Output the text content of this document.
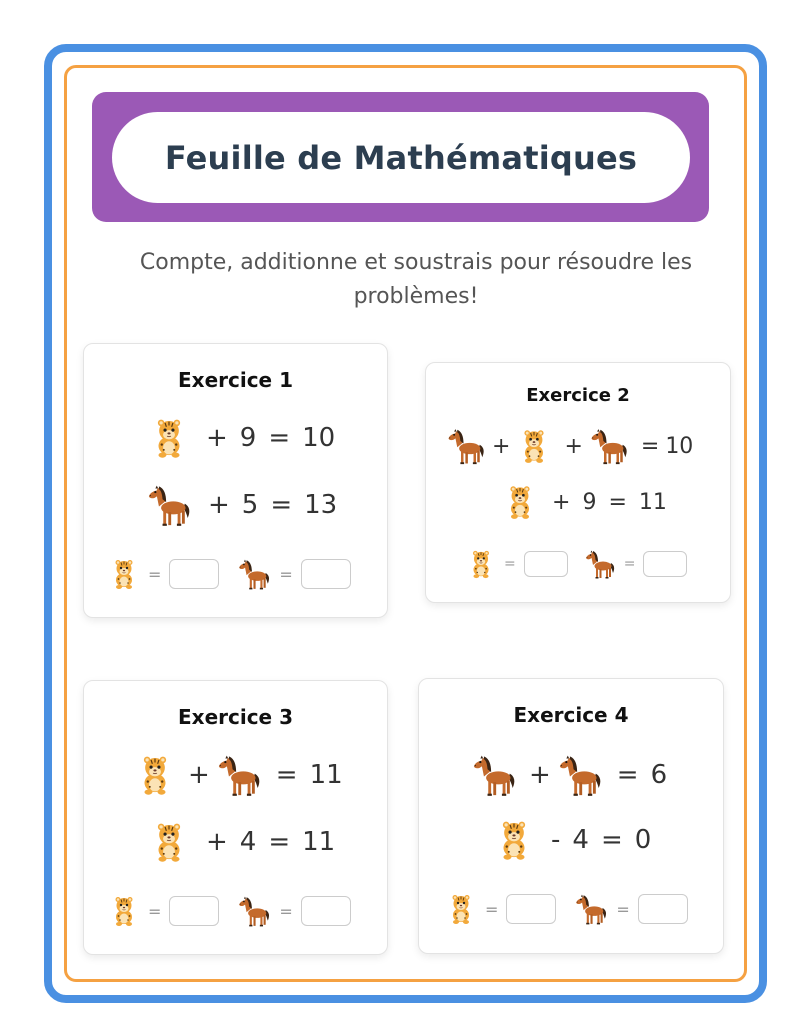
Feuille de Mathématiques
Compte, additionne et soustrais pour résoudre les
problèmes!
Exercice 1
+ 9 = 10
+ 5 = 13
=	=
Exercice 2
+ +	= 10
+ 9 = 11
=	=
Exercice 3
+	= 11
+ 4 = 11
=	=
Exercice 4
+	= 6
- 4 = 0
=	=
